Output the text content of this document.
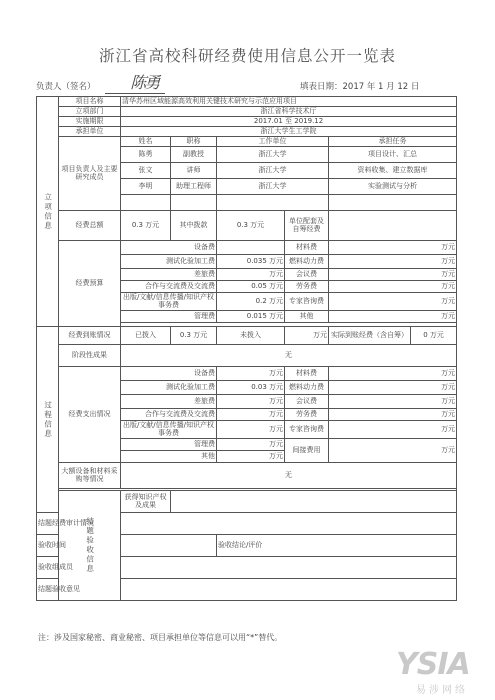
浙江省高校科研经费使用信息公开一览表
负责人（签名） 陈勇	填表日期：2017 年 1 月 12 日
立项信息	项目名称	清华苏州区域能源高效利用关键技术研究与示范应用项目					
	立项部门	浙江省科学技术厅					
	实施期限	2017.01 至 2019.12					
	承担单位	浙江大学生工学院					
	项目负责人及主要研究成员	姓名	职称	工作单位		承担任务	
		陈勇	副教授	浙江大学		项目设计、汇总	
		张文	讲师	浙江大学		资料收集、建立数据库	
		李明	助理工程师	浙江大学		实验测试与分析	

	经费总额	0.3 万元	其中拨款	0.3 万元	单位配套及自筹经费		
	经费预算	设备费			材料费	万元	
		测试化验加工费		0.035 万元	燃料动力费	万元	
		差旅费		万元	会议费	万元	
		合作与交流费及交流费		0.05 万元	劳务费	万元	
		出版/文献/信息传播/知识产权事务费		0.2 万元	专家咨询费	万元	
		管理费		0.015 万元	其他	万元	

过程信息	经费到账情况	已拨入	0.3 万元	未拨入	万元	实际到账经费（含自筹）	0 万元
	阶段性成果	无					
	经费支出情况	设备费		万元	材料费	万元	
		测试化验加工费		0.03 万元	燃料动力费	万元	
		差旅费		万元	会议费	万元	
		合作与交流费及交流费		万元	劳务费	万元	
		出版/文献/信息传播/知识产权事务费		万元	专家咨询费	万元	
		管理费		万元	间接费用	万元	
		其他		万元			
	大额设备和材料采购等情况	无					

	结题验收信息	获得知识产权及成果					
结题经费审计情况							
验收时间				验收结论/评价			
验收组成员							
结题验收意见							
注：涉及国家秘密、商业秘密、项目承担单位等信息可以用“*”替代。
YSIA
易涉网络
